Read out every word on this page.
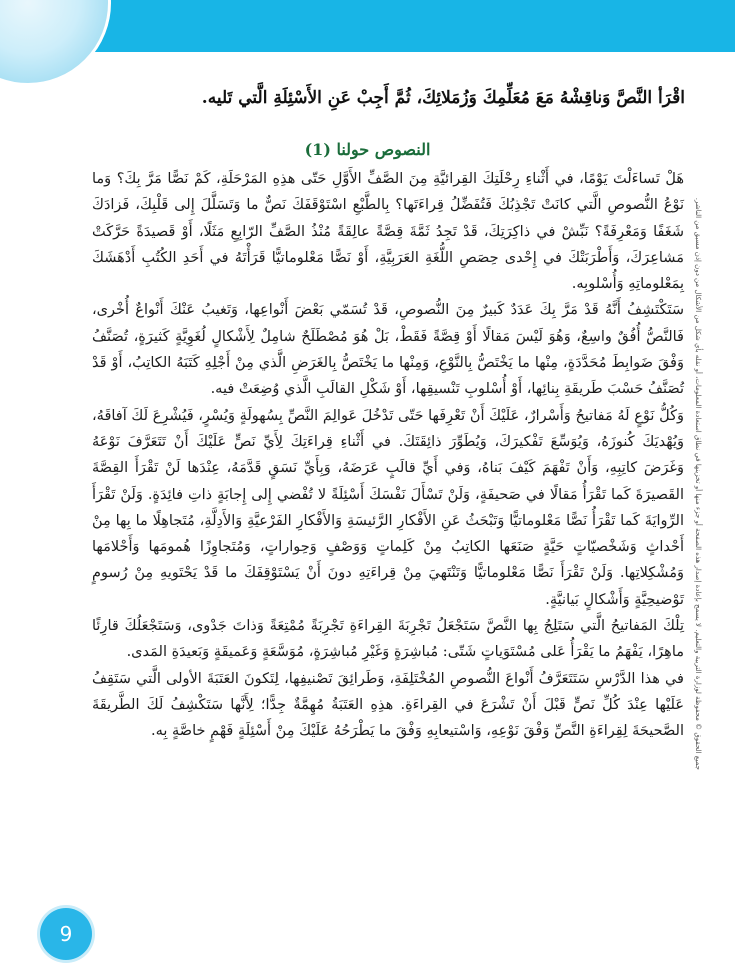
اقْرَأ النَّصَّ وَناقِشْهُ مَعَ مُعَلِّمِكَ وَزُمَلائِكَ، ثُمَّ أَجِبْ عَنِ الأَسْئِلَةِ الَّتي تَليه.
النصوص حولنا (1)

هَلْ تَساءَلْتَ يَوْمًا، في أَثْناءِ رِحْلَتِكَ القِرائيَّةِ مِنَ الصَّفِّ الأَوَّلِ حَتّى هذِهِ المَرْحَلَةِ، كَمْ نَصًّا مَرَّ بِكَ؟ وَما نَوْعُ النُّصوصِ الَّتي كانَتْ تَجْذِبُكَ فَتُفَضِّلُ قِراءَتَها؟ بِالطَّبْعِ اسْتَوْقَفَكَ نَصٌّ ما وَتَسَلَّلَ إِلى قَلْبِكَ، فَزادَكَ شَغَفًا وَمَعْرِفَةً؟ نَبِّشْ في ذاكِرَتِكَ، قَدْ تَجِدُ ثَمَّةَ قِصَّةً عالِقَةً مُنْذُ الصَّفِّ الرّابِعِ مَثَلًا، أَوْ قَصيدَةً حَرَّكَتْ مَشاعِرَكَ، وَأَطْرَبَتْكَ في إِحْدى حِصَصِ اللُّغَةِ العَرَبِيَّةِ، أَوْ نَصًّا مَعْلوماتيًّا قَرَأْتَهُ في أَحَدِ الكُتُبِ أَدْهَشَكَ بِمَعْلوماتِهِ وَأُسْلوبِه.

سَتَكْتَشِفُ أَنَّهُ قَدْ مَرَّ بِكَ عَدَدٌ كَبيرٌ مِنَ النُّصوصِ، قَدْ تُسَمّي بَعْضَ أَنْواعِها، وَتَغيبُ عَنْكَ أَنْواعٌ أُخْرى، فَالنَّصُّ أُفُقٌ واسِعٌ، وَهُوَ لَيْسَ مَقالًا أَوْ قِصَّةً فَقَطْ، بَلْ هُوَ مُصْطَلَحٌ شامِلٌ لِأَشْكالٍ لُغَوِيَّةٍ كَثيرَةٍ، تُصَنَّفُ وَفْقَ ضَوابِطَ مُحَدَّدَةٍ، مِنْها ما يَخْتَصُّ بِالنَّوْعِ، وَمِنْها ما يَخْتَصُّ بِالغَرَضِ الَّذي مِنْ أَجْلِهِ كَتَبَهُ الكاتِبُ، أَوْ قَدْ تُصَنَّفُ حَسْبَ طَريقَةِ بِنائِها، أَوْ أُسْلوبِ تَنْسيقِها، أَوْ شَكْلِ القالَبِ الَّذي وُضِعَتْ فيه.

وَكُلُّ نَوْعٍ لَهُ مَفاتيحُ وَأَسْرارٌ، عَلَيْكَ أَنْ تَعْرِفَها حَتّى تَدْخُلَ عَوالِمَ النَّصِّ بِسُهولَةٍ وَيُسْرٍ، فَيُشْرِعَ لَكَ آفاقَهُ، وَيُهْديَكَ كُنوزَهُ، وَيُوَسِّعَ تَفْكيرَكَ، وَيُطَوِّرَ ذائِقَتَكَ. في أَثْناءِ قِراءَتِكَ لِأَيِّ نَصٍّ عَلَيْكَ أَنْ تَتَعَرَّفَ نَوْعَهُ وَغَرَضَ كاتِبِهِ، وَأَنْ تَفْهَمَ كَيْفَ بَناهُ، وَفي أَيِّ قالَبٍ عَرَضَهُ، وَبِأَيِّ نَسَقٍ قَدَّمَهُ، عِنْدَها لَنْ تَقْرَأَ القِصَّةَ القَصيرَةَ كَما تَقْرَأُ مَقالًا في صَحيفَةٍ، وَلَنْ تَسْأَلَ نَفْسَكَ أَسْئِلَةً لا تُفْضي إِلى إِجابَةٍ ذاتِ فائِدَةٍ. وَلَنْ تَقْرَأَ الرِّوايَةَ كَما تَقْرَأُ نَصًّا مَعْلوماتيًّا وَتَبْحَثُ عَنِ الأَفْكارِ الرَّئيسَةِ وَالأَفْكارِ الفَرْعيَّةِ وَالأَدِلَّةِ، مُتَجاهِلًا ما بِها مِنْ أَحْداثٍ وَشَخْصيّاتٍ حَيَّةٍ صَنَعَها الكاتِبُ مِنْ كَلِماتٍ وَوَصْفٍ وَحِواراتٍ، وَمُتَجاوِزًا هُمومَها وَأَحْلامَها وَمُشْكِلاتِها. وَلَنْ تَقْرَأَ نَصًّا مَعْلوماتيًّا وَتَنْتَهيَ مِنْ قِراءَتِهِ دونَ أَنْ يَسْتَوْقِفَكَ ما قَدْ يَحْتَويهِ مِنْ رُسومٍ تَوْضيحِيَّةٍ وَأَشْكالٍ بَيانيَّةٍ.

تِلْكَ المَفاتيحُ الَّتي سَتَلِجُ بِها النَّصَّ سَتَجْعَلُ تَجْرِبَةَ القِراءَةِ تَجْرِبَةً مُمْتِعَةً وَذاتَ جَدْوى، وَسَتَجْعَلُكَ قارِئًا ماهِرًا، يَفْهَمُ ما يَقْرَأُ عَلى مُسْتَوَياتٍ شَتّى: مُباشِرَةٍ وَغَيْرِ مُباشِرَةٍ، مُوَسَّعَةٍ وَعَميقَةٍ وَبَعيدَةِ المَدى.

في هذا الدَّرْسِ سَتَتَعَرَّفُ أَنْواعَ النُّصوصِ المُخْتَلِفَةِ، وَطَرائِقَ تَصْنيفِها، لِتَكونَ العَتَبَةَ الأولى الَّتي سَتَقِفُ عَلَيْها عِنْدَ كُلِّ نَصٍّ قَبْلَ أَنْ تَشْرَعَ في القِراءَةِ. هذِهِ العَتَبَةُ مُهِمَّةٌ جِدًّا؛ لِأَنَّها سَتَكْشِفُ لَكَ الطَّريقَةَ الصَّحيحَةَ لِقِراءَةِ النَّصِّ وَفْقَ نَوْعِهِ، وَاسْتيعابِهِ وَفْقَ ما يَطْرَحُهُ عَلَيْكَ مِنْ أَسْئِلَةٍ فَهْمٍ خاصَّةٍ بِه. جميع الحقوق © محفوظة لوزارة التربية والتعليم. لا يسمح بإعادة إصدار هذه الصفحة أو جزء منها أو تخزينها في نطاق استعادة المعلومات، أو نقله بأي شكل من الأشكال من دون إذن مسبق من الناشر.
9
